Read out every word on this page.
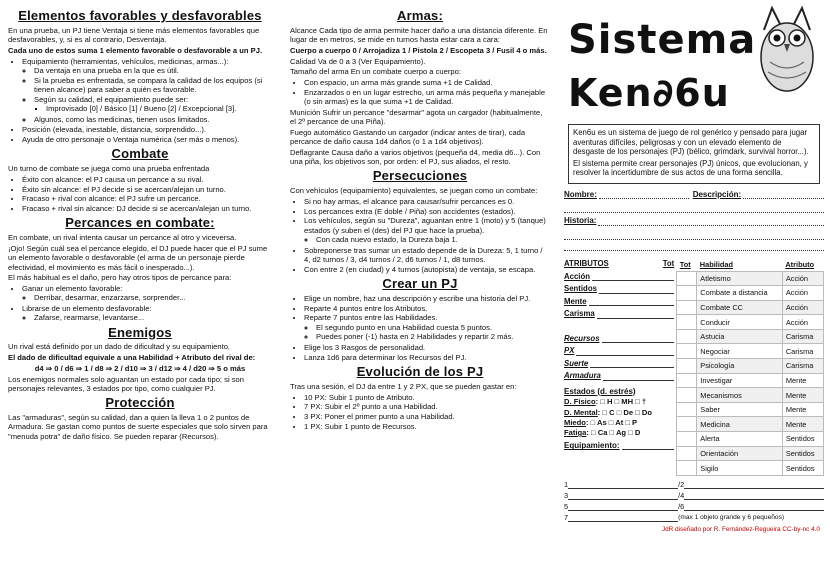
Elementos favorables y desfavorables

En una prueba, un PJ tiene Ventaja si tiene más elementos favorables que desfavorables, y, si es al contrario, Desventaja.

Cada uno de estos suma 1 elemento favorable o desfavorable a un PJ.

• Equipamiento (herramientas, vehículos, medicinas, armas...):
◦ Da ventaja en una prueba en la que es útil.
◦ Si la prueba es enfrentada, se compara la calidad de los equipos (si tienen alcance) para saber a quién es favorable.
◦ Según su calidad, el equipamiento puede ser:
▪ Improvisado [0] / Básico [1] / Bueno [2] / Excepcional [3].
◦ Algunos, como las medicinas, tienen usos limitados.
• Posición (elevada, inestable, distancia, sorprendido...).
• Ayuda de otro personaje o Ventaja numérica (ser más o menos).
Combate

Un turno de combate se juega como una prueba enfrentada

• Éxito con alcance: el PJ causa un percance a su rival.
• Éxito sin alcance: el PJ decide si se acercan/alejan un turno.
• Fracaso + rival con alcance: el PJ sufre un percance.
• Fracaso + rival sin alcance: DJ decide si se acercan/alejan un turno.
Percances en combate:

En combate, un rival intenta causar un percance al otro y viceversa.

¡Ojo! Según cuál sea el percance elegido, el DJ puede hacer que el PJ sume un elemento favorable o desfavorable (el arma de un personaje pierde efectividad, el movimiento es más fácil o inesperado...).

El más habitual es el daño, pero hay otros tipos de percance para:

• Ganar un elemento favorable:
◦ Derribar, desarmar, enzarzarse, sorprender...
• Librarse de un elemento desfavorable:
◦ Zafarse, rearmarse, levantarse...
Enemigos

Un rival está definido por un dado de dificultad y su equipamiento.

El dado de dificultad equivale a una Habilidad + Atributo del rival de:

d4 ⇒ 0 / d6 ⇒ 1 / d8 ⇒ 2 / d10 ⇒ 3 / d12 ⇒ 4 / d20 ⇒ 5 o más

Los enemigos normales solo aguantan un estado por cada tipo; si son personajes relevantes, 3 estados por tipo, como cualquier PJ.

Protección

Las "armaduras", según su calidad, dan a quien la lleva 1 o 2 puntos de Armadura. Se gastan como puntos de suerte especiales que solo sirven para "menuda potra" de daño físico. Se pueden reparar (Recursos).

Armas:

Alcance Cada tipo de arma permite hacer daño a una distancia diferente. En lugar de en metros, se mide en turnos hasta estar cara a cara:

Cuerpo a cuerpo 0 / Arrojadiza 1 / Pistola 2 / Escopeta 3 / Fusil 4 o más.

Calidad Va de 0 a 3 (Ver Equipamiento).

Tamaño del arma En un combate cuerpo a cuerpo:

• Con espacio, un arma más grande suma +1 de Calidad.
• Enzarzados o en un lugar estrecho, un arma más pequeña y manejable (o sin armas) es la que suma +1 de Calidad.

Munición Sufrir un percance "desarmar" agota un cargador (habitualmente, el 2º percance de una Piña).

Fuego automático Gastando un cargador (indicar antes de tirar), cada percance de daño causa 1d4 daños (o 1 a 1d4 objetivos).

Deflagrante Causa daño a varios objetivos (pequeña d4, media d6...). Con una piña, los objetivos son, por orden: el PJ, sus aliados, el resto.

Persecuciones

Con vehículos (equipamiento) equivalentes, se juegan como un combate:

• Si no hay armas, el alcance para causar/sufrir percances es 0.
• Los percances extra (E doble / Piña) son accidentes (estados).
• Los vehículos, según su "Dureza", aguantan entre 1 (moto) y 5 (tanque) estados (y suben el (des) del PJ que hace la prueba).
◦ Con cada nuevo estado, la Dureza baja 1.
• Sobreponerse tras sumar un estado depende de la Dureza: 5, 1 turno / 4, d2 turnos / 3, d4 turnos / 2, d6 turnos / 1, d8 turnos.
• Con entre 2 (en ciudad) y 4 turnos (autopista) de ventaja, se escapa.
Crear un PJ
• Elige un nombre, haz una descripción y escribe una historia del PJ.
• Reparte 4 puntos entre los Atributos.
• Reparte 7 puntos entre las Habilidades.
◦ El segundo punto en una Habilidad cuesta 5 puntos.
◦ Puedes poner (-1) hasta en 2 Habilidades y repartir 2 más.
• Elige los 3 Rasgos de personalidad.
• Lanza 1d6 para determinar los Recursos del PJ.
Evolución de los PJ

Tras una sesión, el DJ da entre 1 y 2 PX, que se pueden gastar en:

• 10 PX: Subir 1 punto de Atributo.
• 7 PX: Subir el 2º punto a una Habilidad.
• 3 PX: Poner el primer punto a una Habilidad.
• 1 PX: Subir 1 punto de Recursos.
Sistema
Ken∂6u

Ken6u es un sistema de juego de rol genérico y pensado para jugar aventuras difíciles, peligrosas y con un elevado elemento de desgaste de los personajes (PJ) (bélico, grimdark, survival horror...).

El sistema permite crear personajes (PJ) únicos, que evolucionan, y resolver la incertidumbre de sus actos de una forma sencilla.

Nombre:	Descripción:
Historia:
ATRIBUTOS	Tot
Acción
Sentidos
Mente
Carisma
Recursos
PX
Suerte
Armadura
Estados (d. estrés)
D. Físico: □ H □ MH □ †
D. Mental: □ C □ De □ Do
Miedo: □ As □ At □ P
Fatiga: □ Ca □ Ag □ D
Equipamiento:
Tot	Habilidad	Atributo
	Atletismo	Acción
	Combate a distancia	Acción
	Combate CC	Acción
	Conducir	Acción
	Astucia	Carisma
	Negociar	Carisma
	Psicología	Carisma
	Investigar	Mente
	Mecanismos	Mente
	Saber	Mente
	Medicina	Mente
	Alerta	Sentidos
	Orientación	Sentidos
	Sigilo	Sentidos
1	/2
3	/4
5	/6
7	(max 1 objeto grande y 6 pequeños)
JdR diseñado por R. Fernández-Regueira CC-by-nc 4.0
